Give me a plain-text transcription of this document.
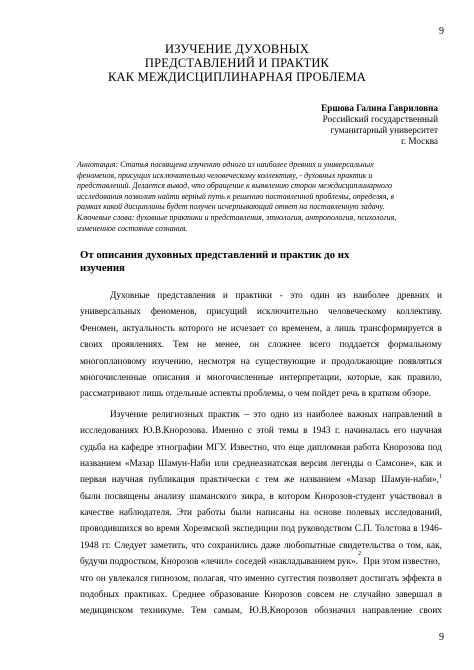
9
ИЗУЧЕНИЕ ДУХОВНЫХ
ПРЕДСТАВЛЕНИЙ И ПРАКТИК
КАК МЕЖДИСЦИПЛИНАРНАЯ ПРОБЛЕМА
Ершова Галина Гавриловна
Российский государственный
гуманитарный университет
г. Москва

Аннотация: Статья посвящена изучению одного из наиболее древних и универсальных

феноменов, присущих исключительно человеческому коллективу, - духовных практик и

представлений. Делается вывод, что обращение к выявлению сторон междисциплинарного

исследования позволит найти верный путь к решению поставленной проблемы, определяя, в

рамках какой дисциплины будет получен исчерпывающий ответ на поставленную задачу.

Ключевые слова: духовные практики и представления, этнология, антропология, психология,

измененное состояние сознания.

От описания духовных представлений и практик до их
изучения
Духовные представления и практики - это один из наиболее древних и
универсальных феноменов, присущий исключительно человеческому коллективу.
Феномен, актуальность которого не исчезает со временем, а лишь трансформируется в
своих проявлениях. Тем не менее, он сложнее всего поддается формальному
многоплановому изучению, несмотря на существующие и продолжающие появляться
многочисленные описания и многочисленные интерпретации, которые, как правило,
рассматривают лишь отдельные аспекты проблемы, о чем пойдет речь в кратком обзоре.
Изучение религиозных практик – это одно из наиболее важных направлений в
исследованиях Ю.В.Кнорозова. Именно с этой темы в 1943 г. начиналась его научная
судьба на кафедре этнографии МГУ. Известно, что еще дипломная работа Кнорозова под
названием «Мазар Шамун-Наби или среднеазиатская версия легенды о Самсоне», как и
первая научная публикация практически с тем же названием «Мазар Шамун-наби»,$^1$
были посвящены анализу шаманского зикра, в котором Кнорозов-студент участвовал в
качестве наблюдателя. Эти работы были написаны на основе полевых исследований,
проводившихся во время Хорезмской экспедиции под руководством С.П. Толстова в 1946-
1948 гг. Следует заметить, что сохранились даже любопытные свидетельства о том, как,
будучи подростком, Кнорозов «лечил» соседей «накладыванием рук».
2
При этом известно,
что он увлекался гипнозом, полагая, что именно суггестия позволяет достигать эффекта в
подобных практиках. Среднее образование Кнорозов совсем не случайно завершал в
медицинском техникуме. Тем самым, Ю.В.Кнорозов обозначил направление своих
9
